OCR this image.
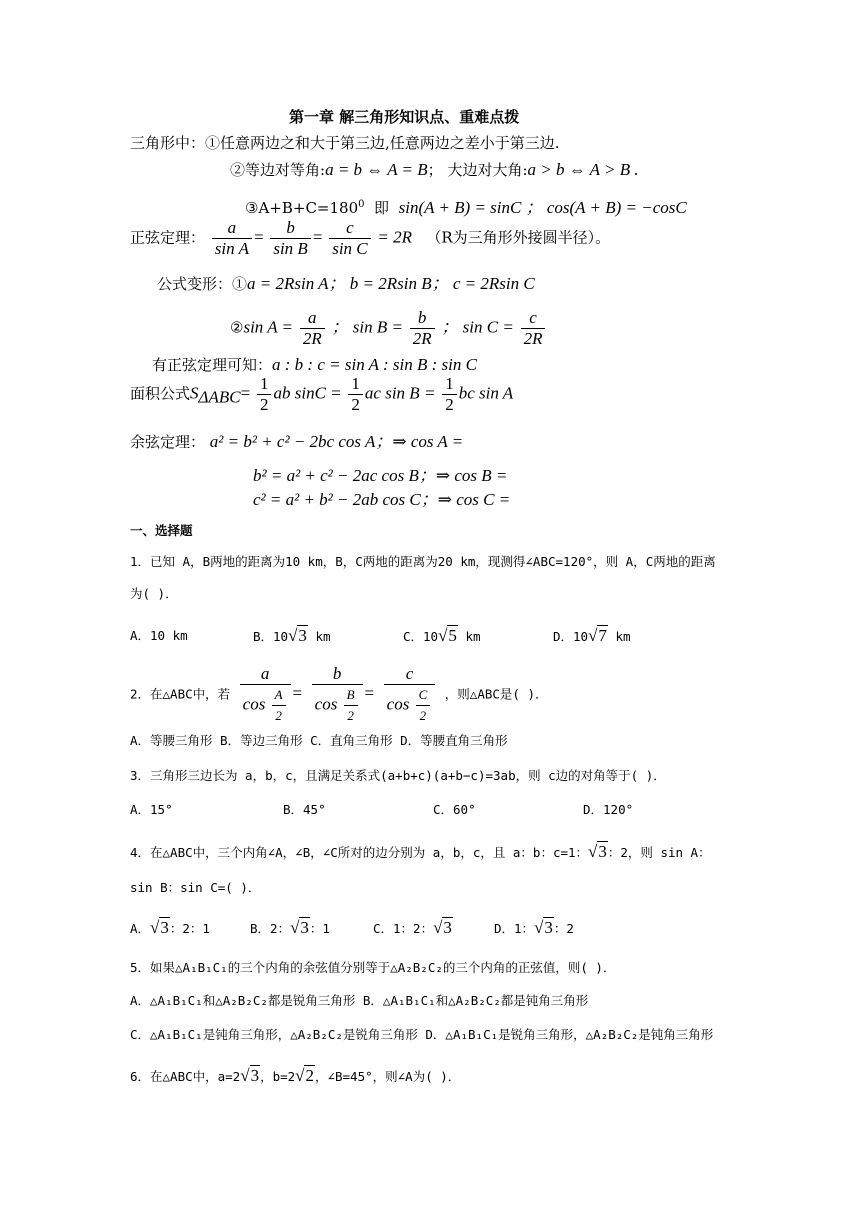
第一章 解三角形知识点、重难点拨
三角形中：①任意两边之和大于第三边,任意两边之差小于第三边.
②等边对等角:a = b ⇔ A = B； 大边对大角:a > b ⇔ A > B .
$③A+B+C=180^0$ 即 sin(A + B) = sinC ； cos(A + B) = −cosC
正弦定理： $\frac{a}{\text{sin A}} = \frac{b}{\text{sin B}} = \frac{c}{\text{sin C}} = 2R$ （R为三角形外接圆半径）。
公式变形：①a = 2Rsin A； b = 2Rsin B； c = 2Rsin C
②sin $A = \frac{a}{2R}$ ； $\sin B = \frac{b}{2R}$ ； $\sin C = \frac{c}{2R}$
有正弦定理可知：a : b : c = sin A : sin B : sin C
面积公式$S_{\Delta ABC}= \frac{1}{2}$ ab $\sin C = \frac{1}{2}$ ac $\sin B = \frac{1}{2}$ bc sin A
余弦定理： a² = b² + c² − 2bc cos A；⇒ cos A =
b² = a² + c² − 2ac cos B；⇒ cos B =
c² = a² + b² − 2ab cos C；⇒ cos C =
一、选择题
1．已知 A，B两地的距离为10 km，B，C两地的距离为20 km，现测得∠ABC=120°，则 A，C两地的距离
为( )．
A．10 km	B．10√3 km	C．10√5 km	D．10√7 km
2．在△ABC中，若 $\frac{a}{\cos \frac{A}{2}} = \frac{b}{\cos \frac{B}{2}} = \frac{c}{\cos \frac{C}{2}}$ ，则△ABC是( )．
A．等腰三角形 B．等边三角形 C．直角三角形 D．等腰直角三角形
3．三角形三边长为 a，b，c，且满足关系式(a+b+c)(a+b−c)=3ab，则 c边的对角等于( )．
A．15°	B．45°	C．60°	D．120°
4．在△ABC中，三个内角∠A，∠B，∠C所对的边分别为 a，b，c，且 a：b：c=1：√3：2，则 sin A：
sin B：sin C=( )．
A．√3：2：1	B．2：√3：1	C．1：2：√3	D．1：√3：2
5．如果△A₁B₁C₁的三个内角的余弦值分别等于△A₂B₂C₂的三个内角的正弦值，则( )．
A．△A₁B₁C₁和△A₂B₂C₂都是锐角三角形 B．△A₁B₁C₁和△A₂B₂C₂都是钝角三角形
C．△A₁B₁C₁是钝角三角形，△A₂B₂C₂是锐角三角形 D．△A₁B₁C₁是锐角三角形，△A₂B₂C₂是钝角三角形
6．在△ABC中，a=2√3，b=2√2，∠B=45°，则∠A为( )．
